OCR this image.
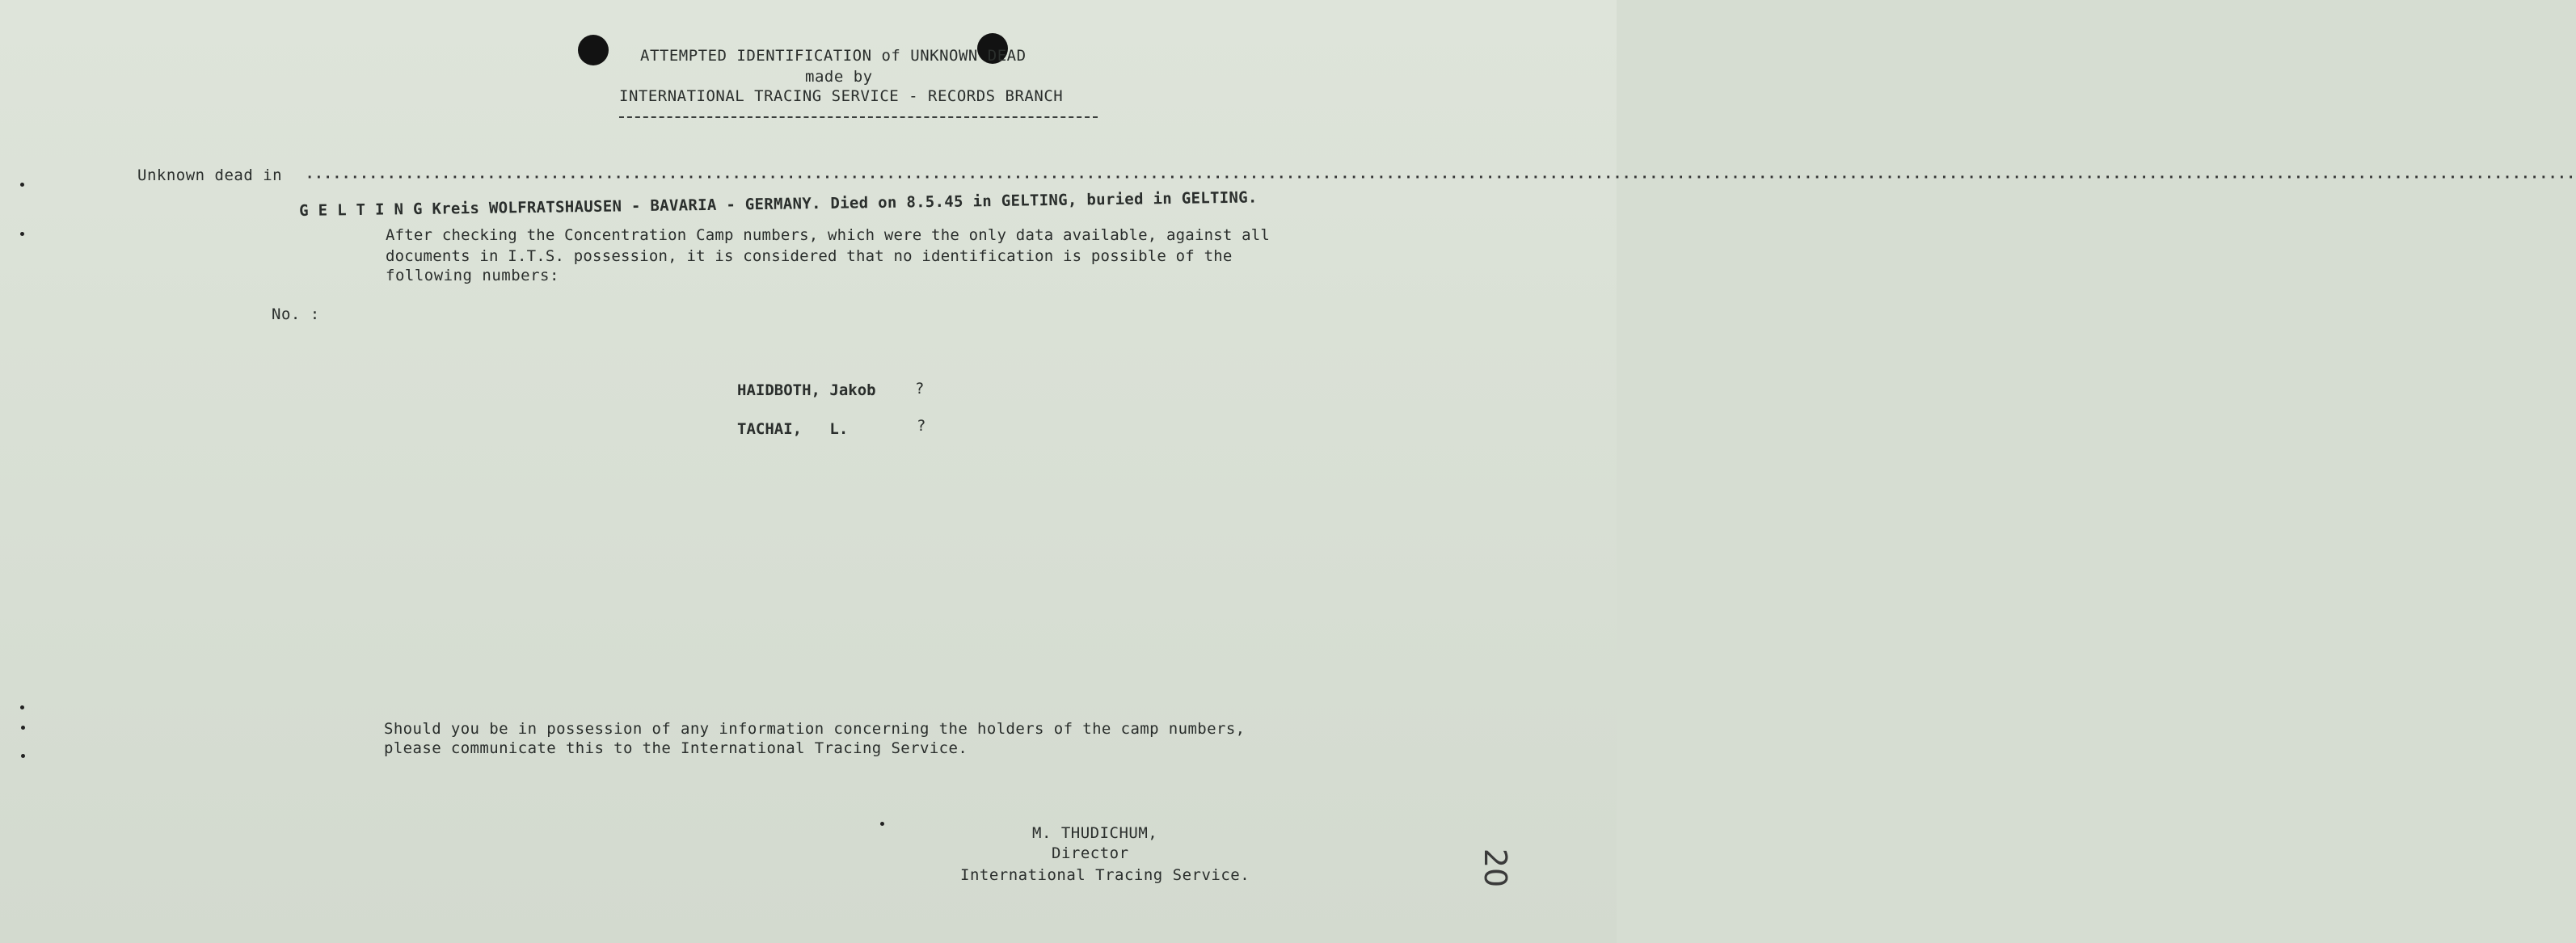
ATTEMPTED IDENTIFICATION of UNKNOWN DEAD
made by
INTERNATIONAL TRACING SERVICE - RECORDS BRANCH
Unknown dead in ··························································································································································································································································
G E L T I N G Kreis WOLFRATSHAUSEN - BAVARIA - GERMANY. Died on 8.5.45 in GELTING, buried in GELTING.
After checking the Concentration Camp numbers, which were the only data available, against all
documents in I.T.S. possession, it is considered that no identification is possible of the
following numbers:
No. :
HAIDBOTH, Jakob	?
TACHAI,   L.	?
Should you be in possession of any information concerning the holders of the camp numbers,
please communicate this to the International Tracing Service.
M. THUDICHUM,
Director
International Tracing Service.	20
